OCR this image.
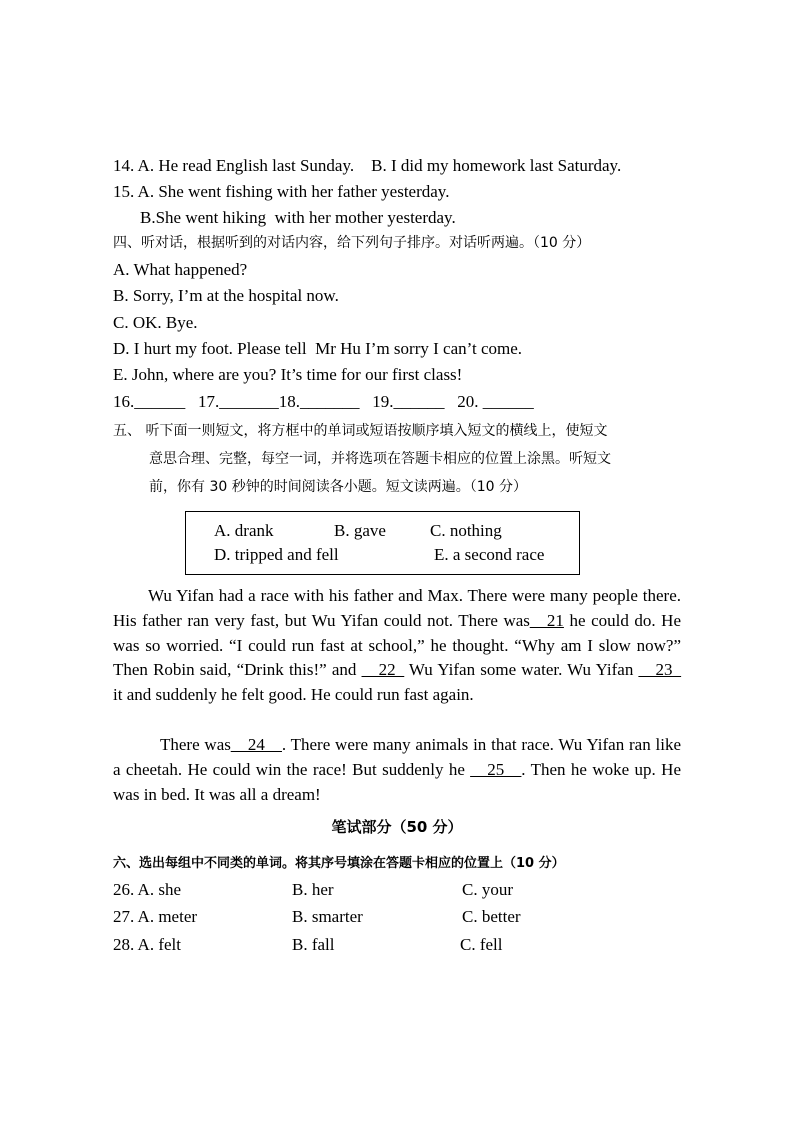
14. A. He read English last Sunday.    B. I did my homework last Saturday.
15. A. She went fishing with her father yesterday.
B.She went hiking  with her mother yesterday.
四、听对话，根据听到的对话内容，给下列句子排序。对话听两遍。（10 分）
A. What happened?
B. Sorry, I’m at the hospital now.
C. OK. Bye.
D. I hurt my foot. Please tell  Mr Hu I’m sorry I can’t come.
E. John, where are you? It’s time for our first class!
16.______   17._______18._______   19.______   20. ______
五、 听下面一则短文，将方框中的单词或短语按顺序填入短文的横线上，使短文
意思合理、完整，每空一词，并将选项在答题卡相应的位置上涂黑。听短文
前，你有 30 秒钟的时间阅读各小题。短文读两遍。（10 分）
A. drank	B. gave	C. nothing
D. tripped and fell	E. a second race

Wu Yifan had a race with his father and Max. There were many people there. His father ran very fast, but Wu Yifan could not. There was__21 he could do. He was so worried. “I could run fast at school,” he thought. “Why am I slow now?” Then Robin said, “Drink this!” and __22_ Wu Yifan some water. Wu Yifan __23_ it and suddenly he felt good. He could run fast again.

There was__24__. There were many animals in that race. Wu Yifan ran like a cheetah. He could win the race! But suddenly he __25__. Then he woke up. He was in bed. It was all a dream!

笔试部分（50 分）
六、选出每组中不同类的单词。将其序号填涂在答题卡相应的位置上（10 分）
26. A. she	B. her	C. your
27. A. meter	B. smarter	C. better
28. A. felt	B. fall	C. fell
